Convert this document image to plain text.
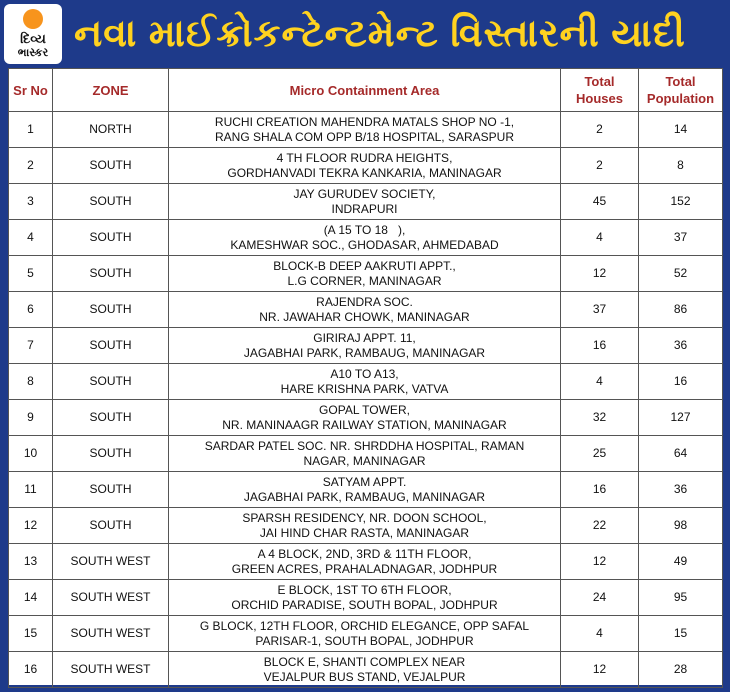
દિવ્ય
ભાસ્કર નવા માઈક્રોકન્ટેન્ટમેન્ટ વિસ્તારની યાદી
Sr No	ZONE	Micro Containment Area	Total Houses	Total Population
1	NORTH	RUCHI CREATION MAHENDRA MATALS SHOP NO -1,
RANG SHALA COM OPP B/18 HOSPITAL, SARASPUR	2	14
2	SOUTH	4 TH FLOOR RUDRA HEIGHTS,
GORDHANVADI TEKRA KANKARIA, MANINAGAR	2	8
3	SOUTH	JAY GURUDEV SOCIETY,
INDRAPURI	45	152
4	SOUTH	(A 15 TO 18   ),
KAMESHWAR SOC., GHODASAR, AHMEDABAD	4	37
5	SOUTH	BLOCK-B DEEP AAKRUTI APPT.,
L.G CORNER, MANINAGAR	12	52
6	SOUTH	RAJENDRA SOC.
NR. JAWAHAR CHOWK, MANINAGAR	37	86
7	SOUTH	GIRIRAJ APPT. 11,
JAGABHAI PARK, RAMBAUG, MANINAGAR	16	36
8	SOUTH	A10 TO A13,
HARE KRISHNA PARK, VATVA	4	16
9	SOUTH	GOPAL TOWER,
NR. MANINAAGR RAILWAY STATION, MANINAGAR	32	127
10	SOUTH	SARDAR PATEL SOC. NR. SHRDDHA HOSPITAL, RAMAN
NAGAR, MANINAGAR	25	64
11	SOUTH	SATYAM APPT.
JAGABHAI PARK, RAMBAUG, MANINAGAR	16	36
12	SOUTH	SPARSH RESIDENCY, NR. DOON SCHOOL,
JAI HIND CHAR RASTA, MANINAGAR	22	98
13	SOUTH WEST	A 4 BLOCK, 2ND, 3RD & 11TH FLOOR,
GREEN ACRES, PRAHALADNAGAR, JODHPUR	12	49
14	SOUTH WEST	E BLOCK, 1ST TO 6TH FLOOR,
ORCHID PARADISE, SOUTH BOPAL, JODHPUR	24	95
15	SOUTH WEST	G BLOCK, 12TH FLOOR, ORCHID ELEGANCE, OPP SAFAL
PARISAR-1, SOUTH BOPAL, JODHPUR	4	15
16	SOUTH WEST	BLOCK E, SHANTI COMPLEX NEAR
VEJALPUR BUS STAND, VEJALPUR	12	28
